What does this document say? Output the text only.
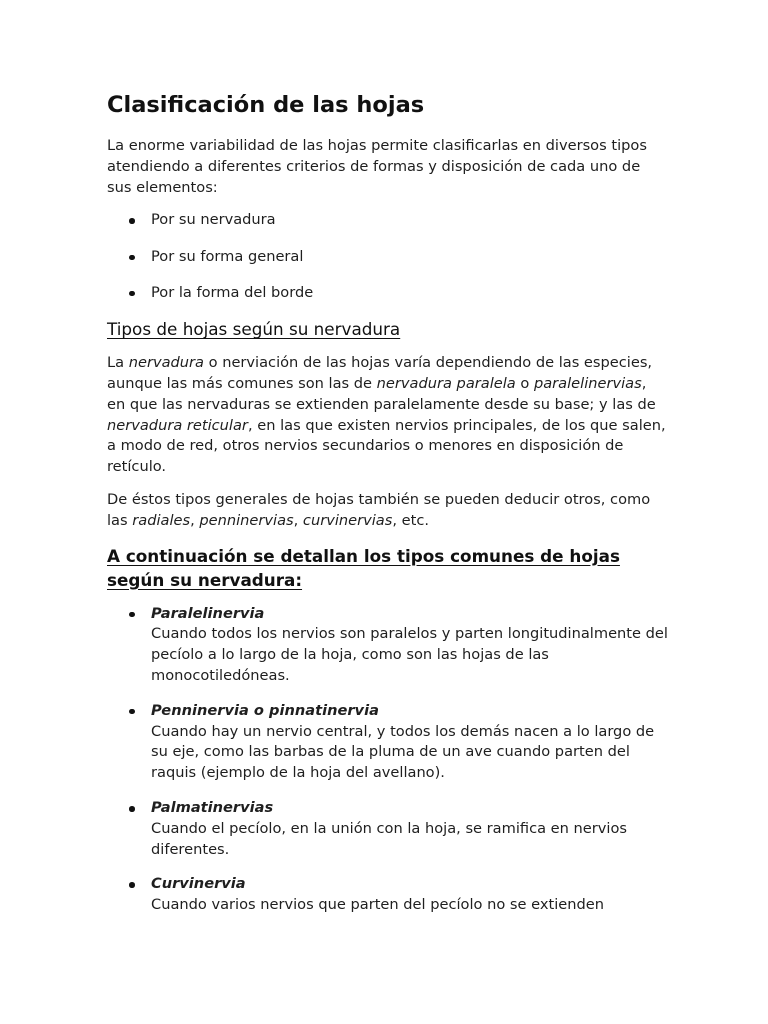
Clasificación de las hojas

La enorme variabilidad de las hojas permite clasificarlas en diversos tipos atendiendo a diferentes criterios de formas y disposición de cada uno de sus elementos:

Por su nervadura
Por su forma general
Por la forma del borde
Tipos de hojas según su nervadura

La nervadura o nerviación de las hojas varía dependiendo de las especies, aunque las más comunes son las de nervadura paralela o paralelinervias, en que las nervaduras se extienden paralelamente desde su base; y las de nervadura reticular, en las que existen nervios principales, de los que salen, a modo de red, otros nervios secundarios o menores en disposición de retículo.

De éstos tipos generales de hojas también se pueden deducir otros, como las radiales, penninervias, curvinervias, etc.

A continuación se detallan los tipos comunes de hojas según su nervadura:
Paralelinervia
Cuando todos los nervios son paralelos y parten longitudinalmente del pecíolo a lo largo de la hoja, como son las hojas de las monocotiledóneas.
Penninervia o pinnatinervia
Cuando hay un nervio central, y todos los demás nacen a lo largo de su eje, como las barbas de la pluma de un ave cuando parten del raquis (ejemplo de la hoja del avellano).
Palmatinervias
Cuando el pecíolo, en la unión con la hoja, se ramifica en nervios diferentes.
Curvinervia
Cuando varios nervios que parten del pecíolo no se extienden
